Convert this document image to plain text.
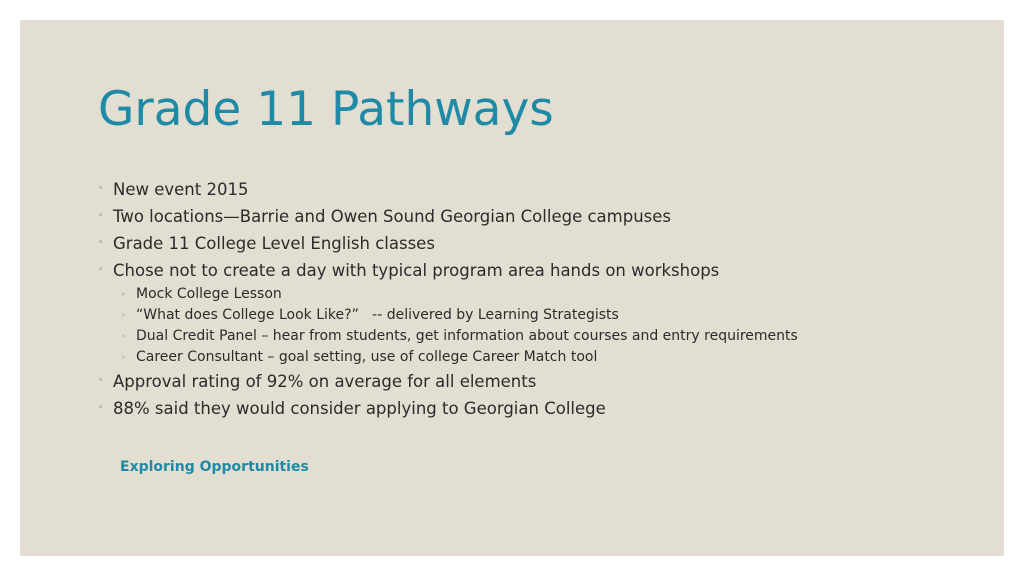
Grade 11 Pathways
◦ New event 2015
◦ Two locations—Barrie and Owen Sound Georgian College campuses
◦ Grade 11 College Level English classes
◦ Chose not to create a day with typical program area hands on workshops
◦ Mock College Lesson
◦ “What does College Look Like?”   -- delivered by Learning Strategists
◦ Dual Credit Panel – hear from students, get information about courses and entry requirements
◦ Career Consultant – goal setting, use of college Career Match tool
◦ Approval rating of 92% on average for all elements
◦ 88% said they would consider applying to Georgian College
Exploring Opportunities
